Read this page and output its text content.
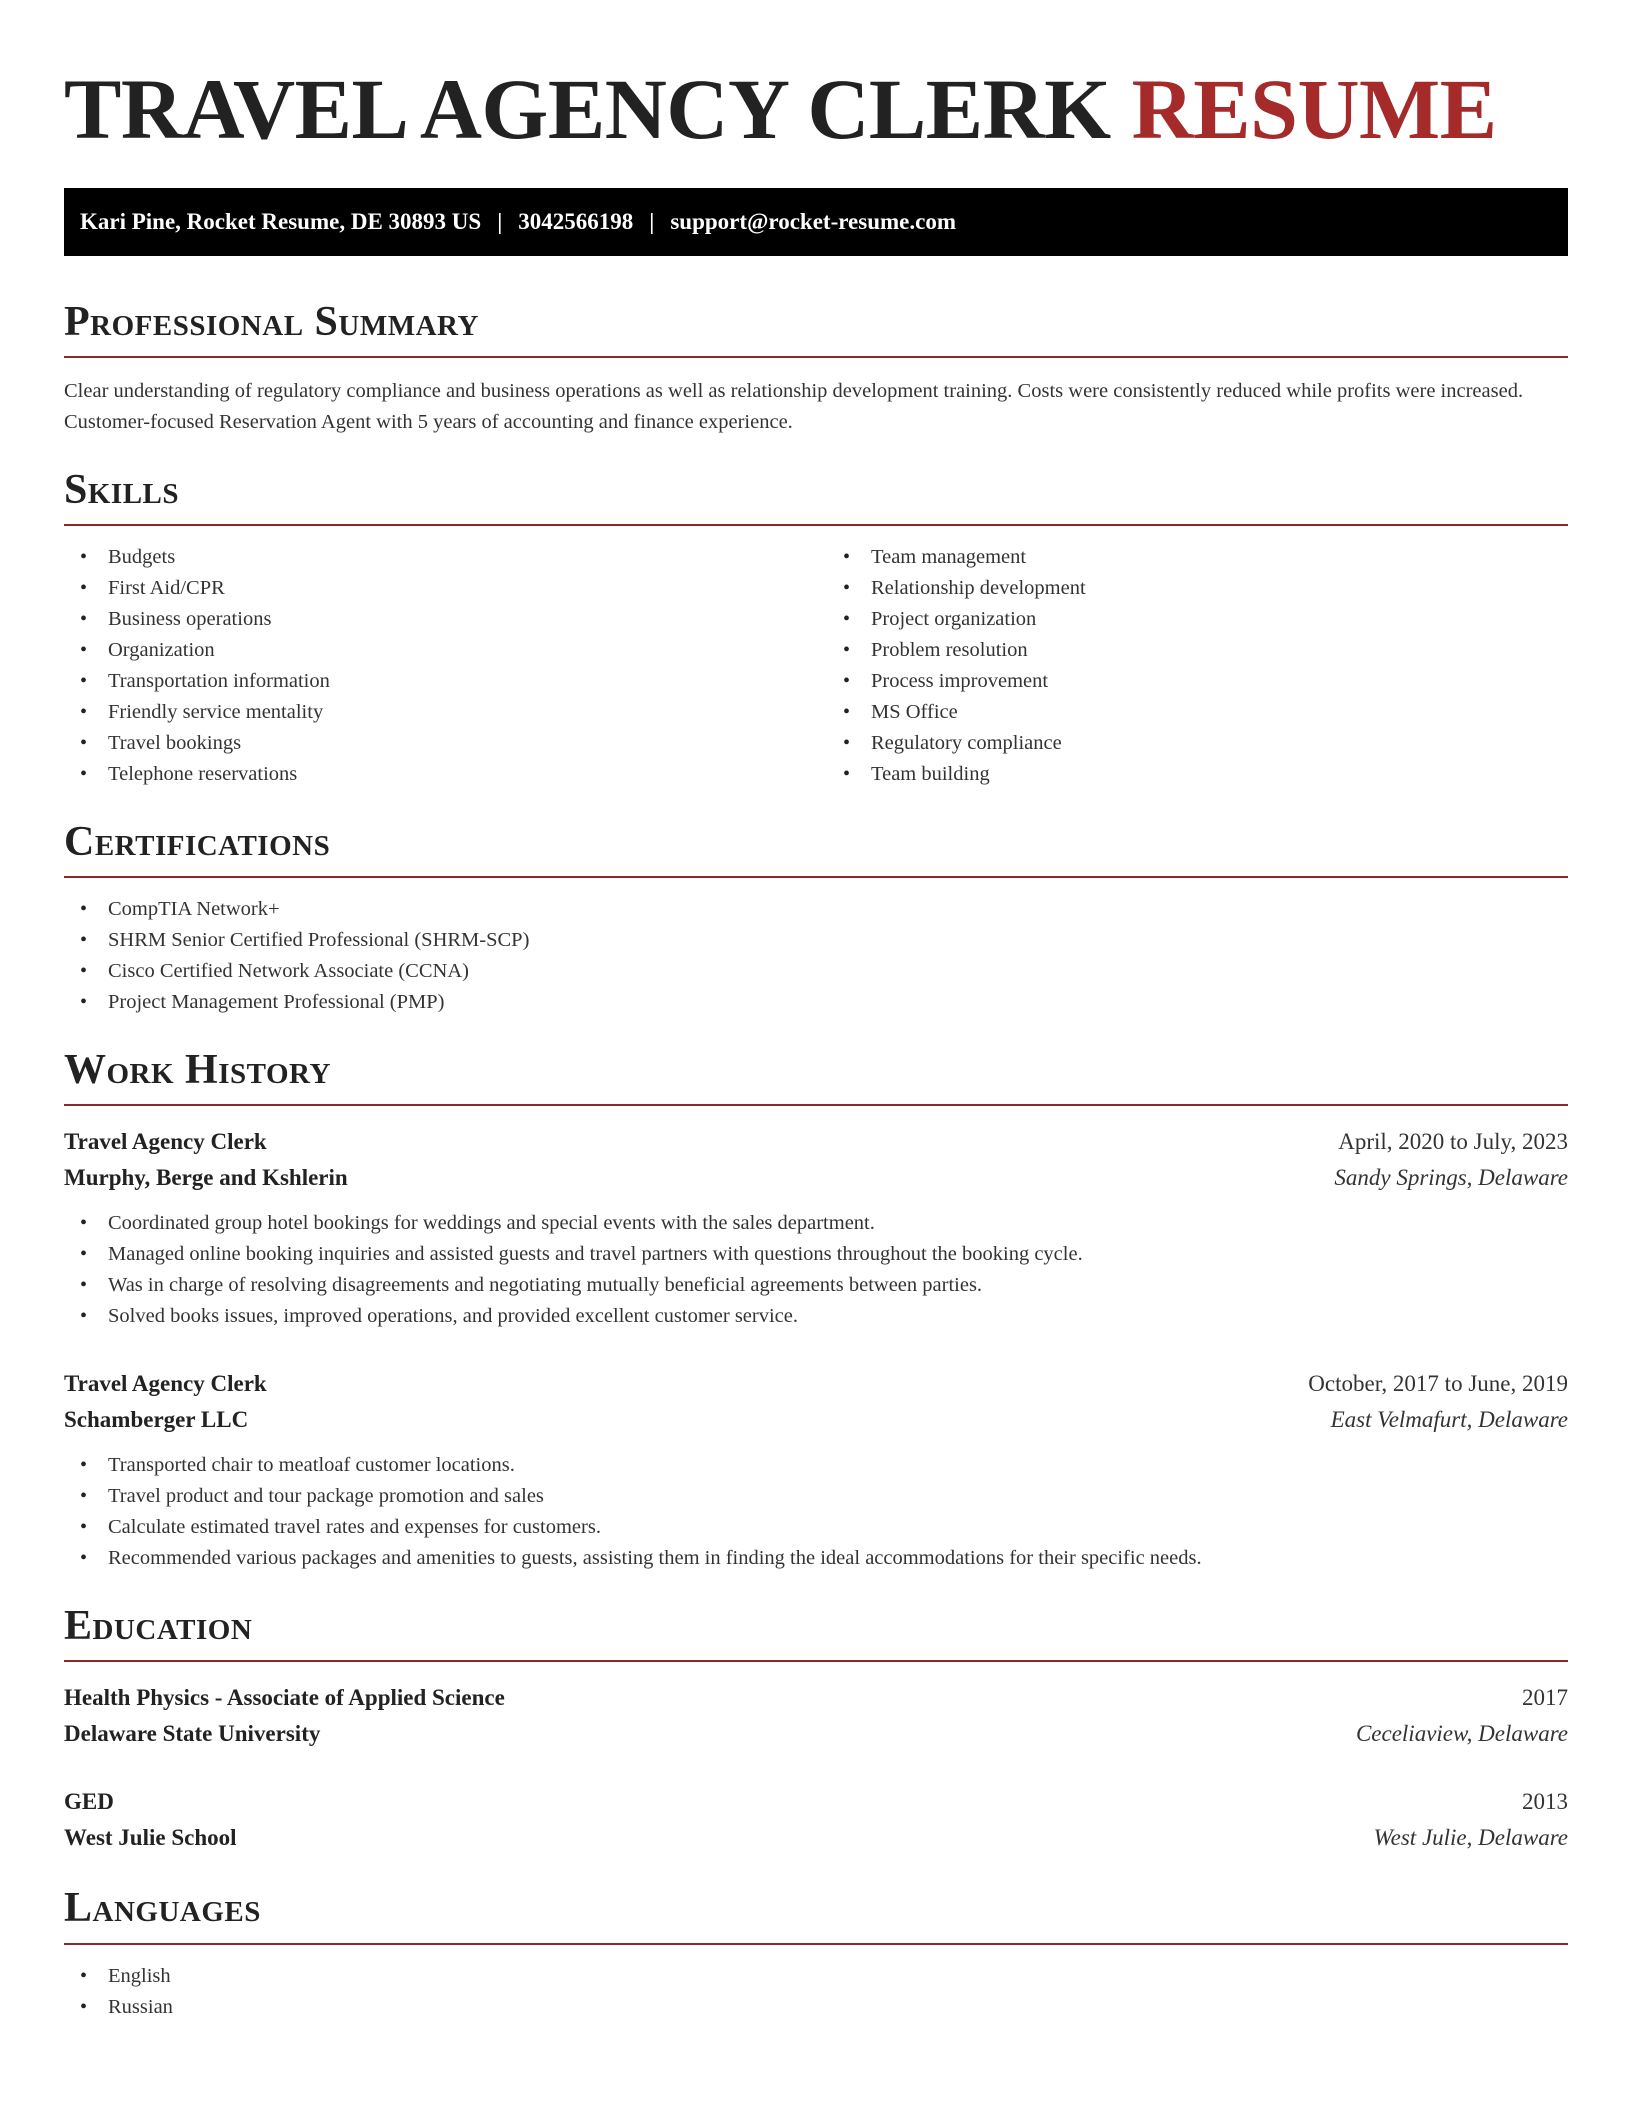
TRAVEL AGENCY CLERK RESUME
Kari Pine, Rocket Resume, DE 30893 US | 3042566198 | support@rocket-resume.com
Professional Summary

Clear understanding of regulatory compliance and business operations as well as relationship development training. Costs were consistently reduced while profits were increased. Customer-focused Reservation Agent with 5 years of accounting and finance experience.

Skills
• Budgets
• First Aid/CPR
• Business operations
• Organization
• Transportation information
• Friendly service mentality
• Travel bookings
• Telephone reservations
• Team management
• Relationship development
• Project organization
• Problem resolution
• Process improvement
• MS Office
• Regulatory compliance
• Team building
Certifications
• CompTIA Network+
• SHRM Senior Certified Professional (SHRM-SCP)
• Cisco Certified Network Associate (CCNA)
• Project Management Professional (PMP)
Work History
Travel Agency Clerk	April, 2020 to July, 2023
Murphy, Berge and Kshlerin	Sandy Springs, Delaware
• Coordinated group hotel bookings for weddings and special events with the sales department.
• Managed online booking inquiries and assisted guests and travel partners with questions throughout the booking cycle.
• Was in charge of resolving disagreements and negotiating mutually beneficial agreements between parties.
• Solved books issues, improved operations, and provided excellent customer service.
Travel Agency Clerk	October, 2017 to June, 2019
Schamberger LLC	East Velmafurt, Delaware
• Transported chair to meatloaf customer locations.
• Travel product and tour package promotion and sales
• Calculate estimated travel rates and expenses for customers.
• Recommended various packages and amenities to guests, assisting them in finding the ideal accommodations for their specific needs.
Education
Health Physics - Associate of Applied Science	2017
Delaware State University	Ceceliaview, Delaware
GED	2013
West Julie School	West Julie, Delaware
Languages
• English
• Russian
